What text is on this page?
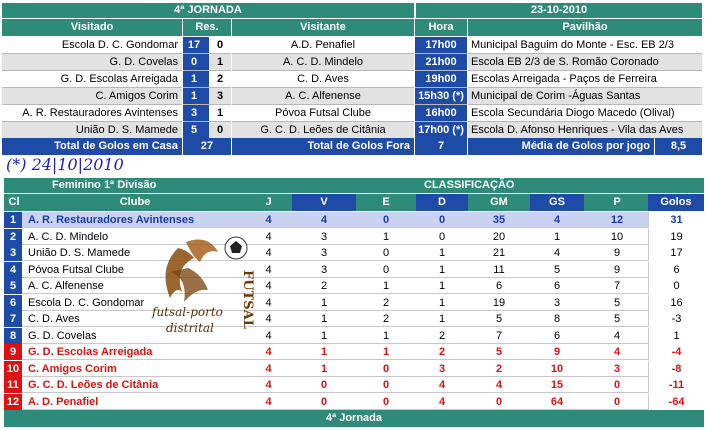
4ª JORNADA	23-10-2010
Visitado	Res.	Visitante	Hora	Pavilhão
Escola D. C. Gondomar 17	0	A.D. Penafiel	17h00	Municipal Baguim do Monte - Esc. EB 2/3
G. D. Covelas	0	1	A. C. D. Mindelo	21h00	Escola EB 2/3 de S. Romão Coronado
G. D. Escolas Arreigada	1	2	C. D. Aves	19h00	Escolas Arreigada - Paços de Ferreira
C. Amigos Corim	1	3	A. C. Alfenense	15h30 (*) Municipal de Corim -Águas Santas
A. R. Restauradores Avintenses	3	1	Póvoa Futsal Clube	16h00	Escola Secundária Diogo Macedo (Olival)
União D. S. Mamede	5	0	G. C. D. Leões de Citânia	17h00 (*) Escola D. Afonso Henriques - Vila das Aves
Total de Golos em Casa	27	Total de Golos Fora	7	Média de Golos por jogo	8,5
(*) 24|10|2010
Feminino 1ª Divisão	CLASSIFICAÇÃO
Cl	Clube	J	V	E	D	GM	GS	P	Golos
1	A. R. Restauradores Avintenses	4	4	0	0	35	4	12	31
2	A. C. D. Mindelo	4	3	1	0	20	1	10	19
3	União D. S. Mamede	4	3	0	1	21	4	9	17
4	Póvoa Futsal Clube	4	3	0	1	11	5	9	6
5	A. C. Alfenense	4	2	1	1	6	6	7	0
6	Escola D. C. Gondomar	4	1	2	1	19	3	5	16
7	C. D. Aves	4	1	2	1	5	8	5	-3
8	G. D. Covelas	4	1	1	2	7	6	4	1
9	G. D. Escolas Arreigada	4	1	1	2	5	9	4	-4
10 C. Amigos Corim	4	1	0	3	2	10	3	-8
11 G. C. D. Leões de Citânia	4	0	0	4	4	15	0	-11
12 A. D. Penafiel	4	0	0	4	0	64	0	-64
4ª Jornada
FUTSAL
futsal-porto
distrital
